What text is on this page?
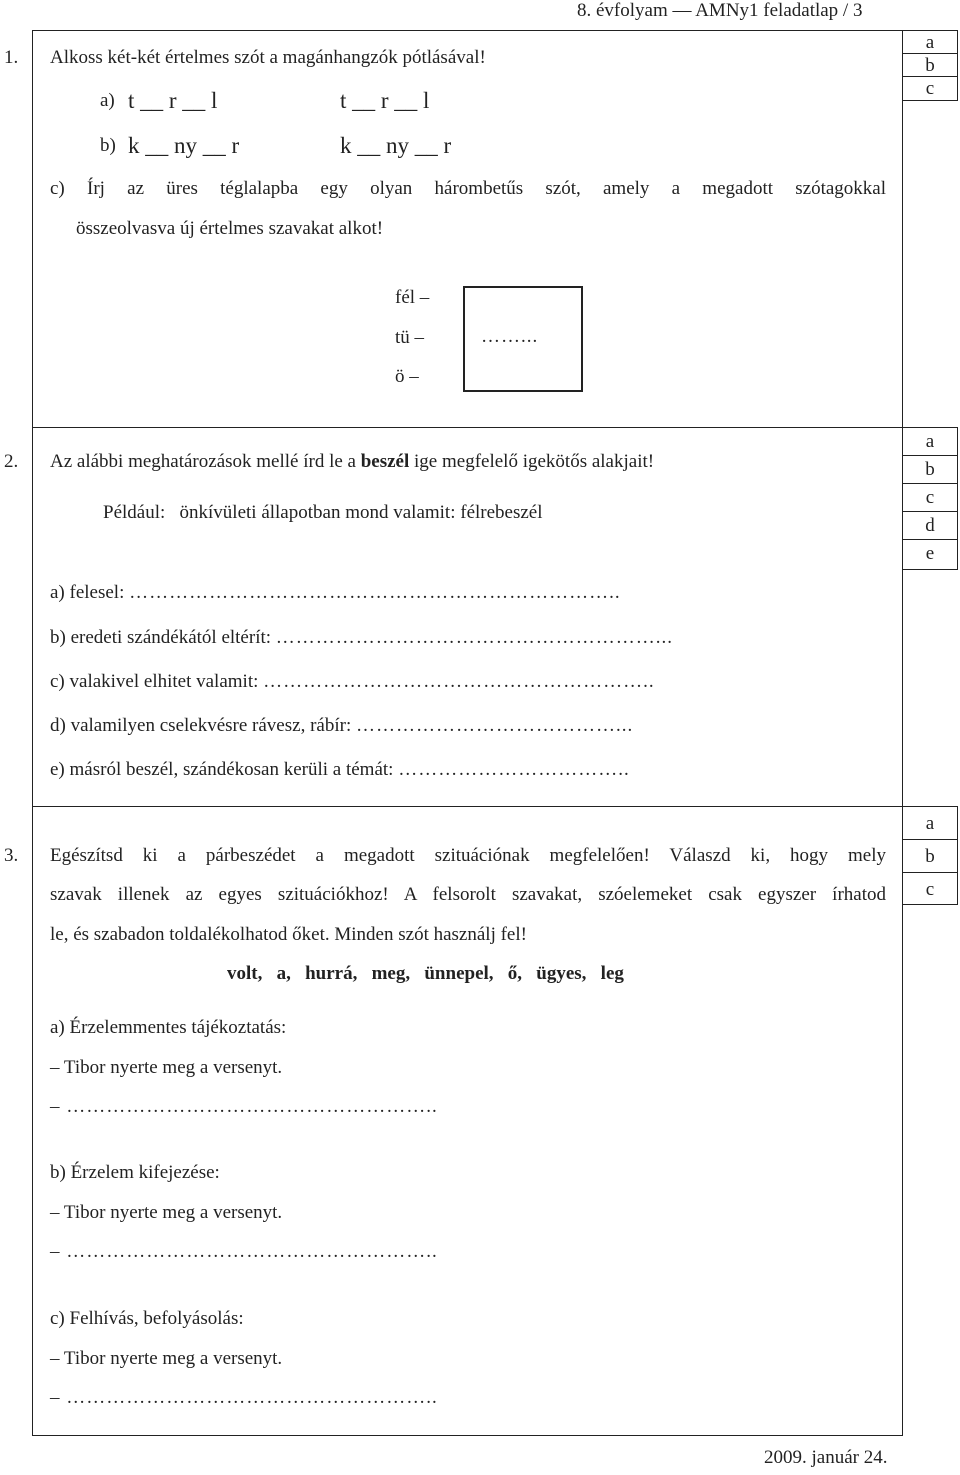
8. évfolyam — AMNy1 feladatlap / 3
1. Alkoss két-két értelmes szót a magánhangzók pótlásával!
a) t __ r __ l	t __ r __ l
b) k __ ny __ r	k __ ny __ r
c) Írj az üres téglalapba egy olyan hárombetűs szót, amely a megadott szótagokkal
összeolvasva új értelmes szavakat alkot!
fél –
tü –
ö –
……...
a
b
c
2. Az alábbi meghatározások mellé írd le a beszél ige megfelelő igekötős alakjait!
Például:   önkívületi állapotban mond valamit: félrebeszél
a) felesel: ………………………………………………………………..
b) eredeti szándékától eltérít: …………………………………………………...
c) valakivel elhitet valamit: …………………………………………………..
d) valamilyen cselekvésre rávesz, rábír: …………………………………...
e) másról beszél, szándékosan kerüli a témát: ……………………………..
a
b
c
d
e
3. Egészítsd ki a párbeszédet a megadott szituációnak megfelelően! Válaszd ki, hogy mely
szavak illenek az egyes szituációkhoz! A felsorolt szavakat, szóelemeket csak egyszer írhatod
le, és szabadon toldalékolhatod őket. Minden szót használj fel!
volt,   a,   hurrá,   meg,   ünnepel,   ő,   ügyes,   leg
a) Érzelemmentes tájékoztatás:
– Tibor nyerte meg a versenyt.
– ………………………………………………..
b) Érzelem kifejezése:
– Tibor nyerte meg a versenyt.
– ………………………………………………..
c) Felhívás, befolyásolás:
– Tibor nyerte meg a versenyt.
– ………………………………………………..
a
b
c
2009. január 24.
